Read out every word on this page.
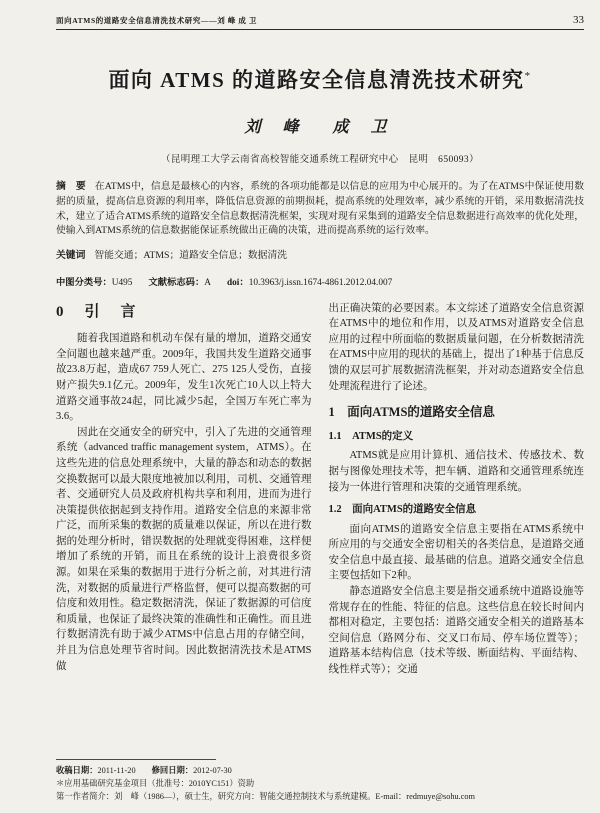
面向ATMS的道路安全信息清洗技术研究——刘 峰 成 卫	33
面向 ATMS 的道路安全信息清洗技术研究*
刘 峰　成 卫
（昆明理工大学云南省高校智能交通系统工程研究中心　昆明　650093）

摘　要 在ATMS中，信息是最核心的内容，系统的各项功能都是以信息的应用为中心展开的。为了在ATMS中保证使用数据的质量，提高信息资源的利用率，降低信息资源的前期损耗，提高系统的处理效率，减少系统的开销，采用数据清洗技术，建立了适合ATMS系统的道路安全信息数据清洗框架，实现对现有采集到的道路安全信息数据进行高效率的优化处理，使输入到ATMS系统的信息数据能保证系统做出正确的决策，进而提高系统的运行效率。

关键词 智能交通；ATMS；道路安全信息；数据清洗

中图分类号：U495 文献标志码：A doi：10.3963/j.issn.1674-4861.2012.04.007
0　引　言

随着我国道路和机动车保有量的增加，道路交通安全问题也越来越严重。2009年，我国共发生道路交通事故23.8万起，造成67 759人死亡、275 125人受伤，直接财产损失9.1亿元。2009年，发生1次死亡10人以上特大道路交通事故24起，同比减少5起，全国万车死亡率为3.6。

因此在交通安全的研究中，引入了先进的交通管理系统（advanced traffic management system，ATMS）。在这些先进的信息处理系统中，大量的静态和动态的数据交换数据可以最大限度地被加以利用，司机、交通管理者、交通研究人员及政府机构共享和利用，进而为进行决策提供依据起到支持作用。道路安全信息的来源非常广泛，而所采集的数据的质量难以保证，所以在进行数据的处理分析时，错误数据的处理就变得困难，这样便增加了系统的开销，而且在系统的设计上浪费很多资源。如果在采集的数据用于进行分析之前，对其进行清洗，对数据的质量进行严格监督，便可以提高数据的可信度和效用性。稳定数据清洗，保证了数据源的可信度和质量，也保证了最终决策的准确性和正确性。而且进行数据清洗有助于减少ATMS中信息占用的存储空间，并且为信息处理节省时间。因此数据清洗技术是ATMS做

出正确决策的必要因素。本文综述了道路安全信息资源在ATMS中的地位和作用，以及ATMS对道路安全信息应用的过程中所面临的数据质量问题，在分析数据清洗在ATMS中应用的现状的基础上，提出了1种基于信息反馈的双层可扩展数据清洗框架，并对动态道路安全信息处理流程进行了论述。

1　面向ATMS的道路安全信息
1.1　ATMS的定义

ATMS就是应用计算机、通信技术、传感技术、数据与图像处理技术等，把车辆、道路和交通管理系统连接为一体进行管理和决策的交通管理系统。

1.2　面向ATMS的道路安全信息

面向ATMS的道路安全信息主要指在ATMS系统中所应用的与交通安全密切相关的各类信息，是道路交通安全信息中最直接、最基础的信息。道路交通安全信息主要包括如下2种。

静态道路安全信息主要是指交通系统中道路设施等常规存在的性能、特征的信息。这些信息在较长时间内都相对稳定，主要包括：道路交通安全相关的道路基本空间信息（路网分布、交叉口布局、停车场位置等）；道路基本结构信息（技术等级、断面结构、平面结构、线性样式等）；交通

收稿日期：2011-11-20 修回日期：2012-07-30
＊应用基础研究基金项目（批准号：2010YC151）资助
第一作者简介：刘　峰（1986—），硕士生，研究方向：智能交通控制技术与系统建模。E-mail：redmuye@sohu.com
